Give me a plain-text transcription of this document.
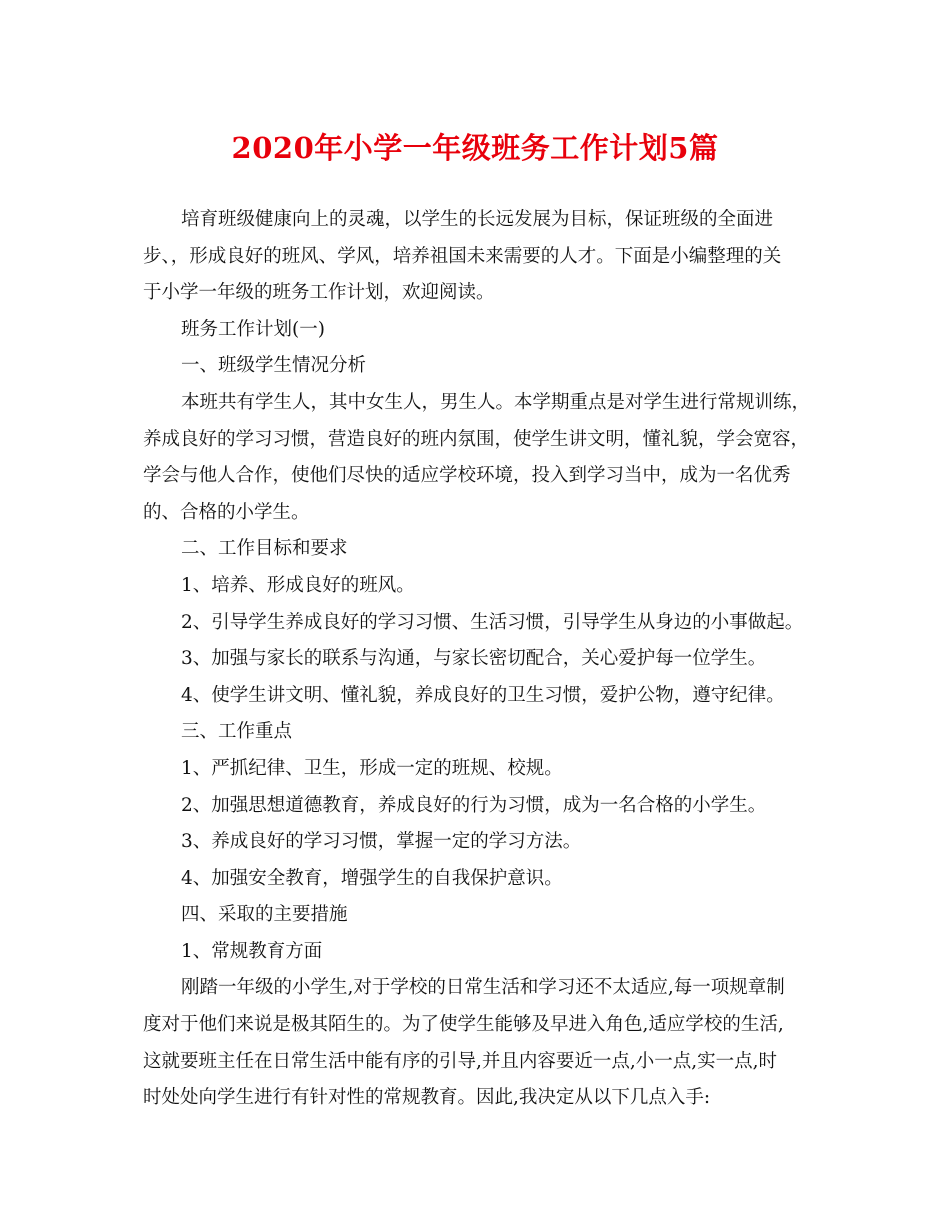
2020年小学一年级班务工作计划5篇
培育班级健康向上的灵魂，以学生的长远发展为目标，保证班级的全面进
步、，形成良好的班风、学风，培养祖国未来需要的人才。下面是小编整理的关
于小学一年级的班务工作计划，欢迎阅读。
班务工作计划(一)
一、班级学生情况分析
本班共有学生人，其中女生人，男生人。本学期重点是对学生进行常规训练，
养成良好的学习习惯，营造良好的班内氛围，使学生讲文明，懂礼貌，学会宽容，
学会与他人合作，使他们尽快的适应学校环境，投入到学习当中，成为一名优秀
的、合格的小学生。
二、工作目标和要求
1、培养、形成良好的班风。
2、引导学生养成良好的学习习惯、生活习惯，引导学生从身边的小事做起。
3、加强与家长的联系与沟通，与家长密切配合，关心爱护每一位学生。
4、使学生讲文明、懂礼貌，养成良好的卫生习惯，爱护公物，遵守纪律。
三、工作重点
1、严抓纪律、卫生，形成一定的班规、校规。
2、加强思想道德教育，养成良好的行为习惯，成为一名合格的小学生。
3、养成良好的学习习惯，掌握一定的学习方法。
4、加强安全教育，增强学生的自我保护意识。
四、采取的主要措施
1、常规教育方面
刚踏一年级的小学生,对于学校的日常生活和学习还不太适应,每一项规章制
度对于他们来说是极其陌生的。为了使学生能够及早进入角色,适应学校的生活,
这就要班主任在日常生活中能有序的引导,并且内容要近一点,小一点,实一点,时
时处处向学生进行有针对性的常规教育。因此,我决定从以下几点入手:
